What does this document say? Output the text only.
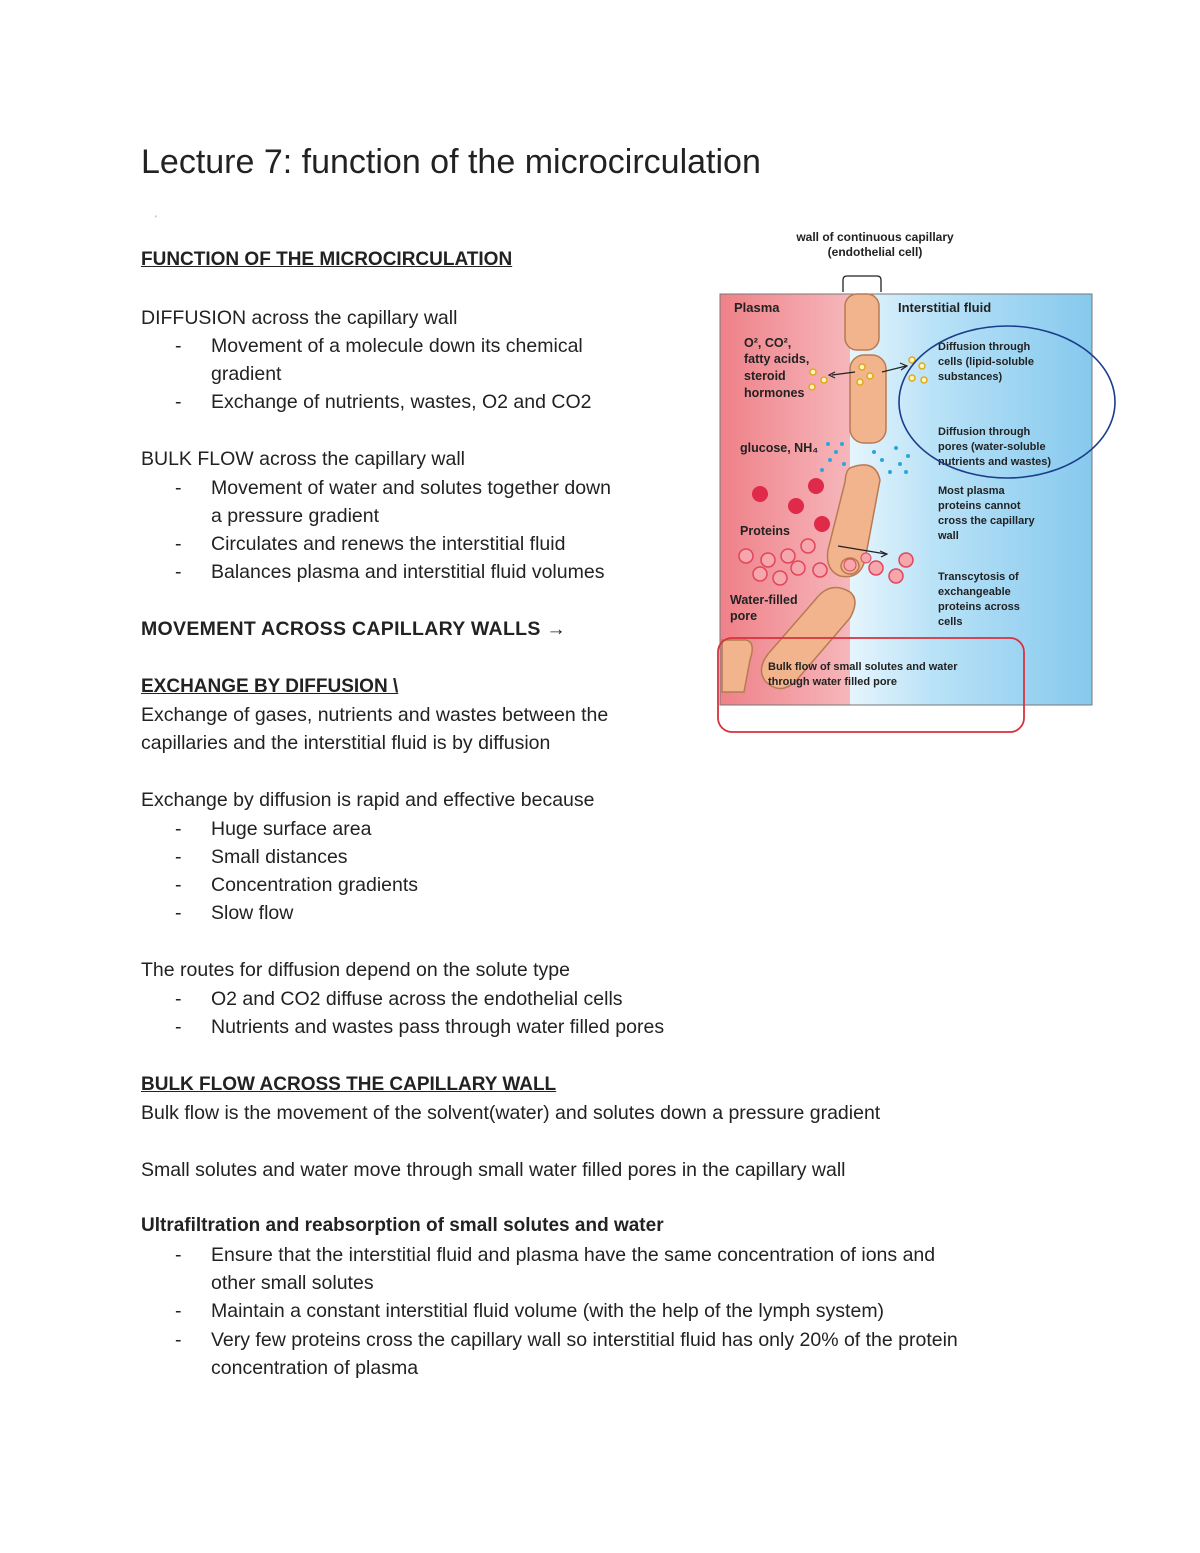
Lecture 7: function of the microcirculation
'
FUNCTION OF THE MICROCIRCULATION
DIFFUSION across the capillary wall
- Movement of a molecule down its chemical
gradient
- Exchange of nutrients, wastes, O2 and CO2
BULK FLOW across the capillary wall
- Movement of water and solutes together down
a pressure gradient
- Circulates and renews the interstitial fluid
- Balances plasma and interstitial fluid volumes
MOVEMENT ACROSS CAPILLARY WALLS →
EXCHANGE BY DIFFUSION \
Exchange of gases, nutrients and wastes between the
capillaries and the interstitial fluid is by diffusion
Exchange by diffusion is rapid and effective because
- Huge surface area
- Small distances
- Concentration gradients
- Slow flow
The routes for diffusion depend on the solute type
- O2 and CO2 diffuse across the endothelial cells
- Nutrients and wastes pass through water filled pores
BULK FLOW ACROSS THE CAPILLARY WALL
Bulk flow is the movement of the solvent(water) and solutes down a pressure gradient
Small solutes and water move through small water filled pores in the capillary wall
Ultrafiltration and reabsorption of small solutes and water
- Ensure that the interstitial fluid and plasma have the same concentration of ions and
other small solutes
- Maintain a constant interstitial fluid volume (with the help of the lymph system)
- Very few proteins cross the capillary wall so interstitial fluid has only 20% of the protein
concentration of plasma
wall of continuous capillary
(endothelial cell)
Plasma	Interstitial fluid
O², CO²,
fatty acids,
steroid
hormones
glucose, NH₄
Proteins
Water-filled
pore
Diffusion through
cells (lipid-soluble
substances)
Diffusion through
pores (water-soluble
nutrients and wastes)
Most plasma
proteins cannot
cross the capillary
wall
Transcytosis of
exchangeable
proteins across
cells
Bulk flow of small solutes and water
through water filled pore
